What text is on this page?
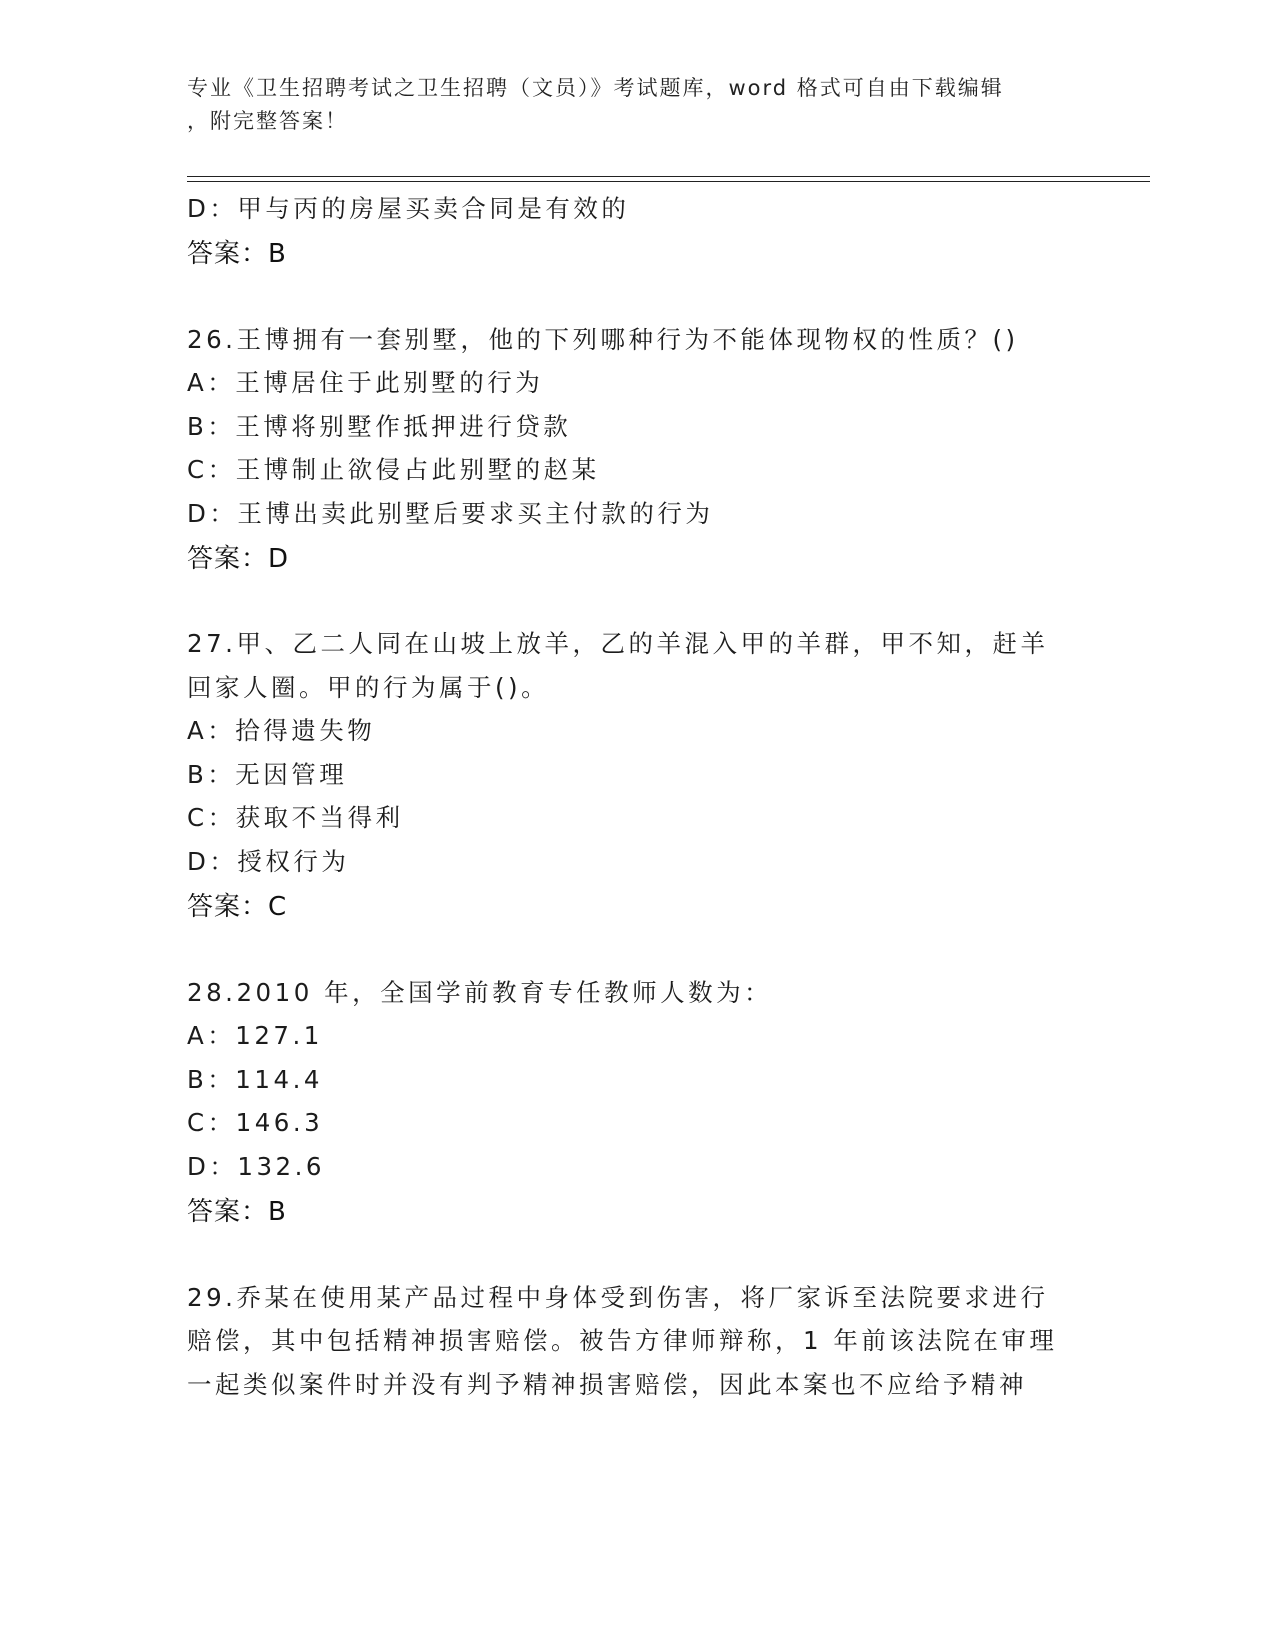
专业《卫生招聘考试之卫生招聘（文员）》考试题库，word 格式可自由下载编辑
，附完整答案！
D：甲与丙的房屋买卖合同是有效的
答案：B
26.王博拥有一套别墅，他的下列哪种行为不能体现物权的性质？()
A：王博居住于此别墅的行为
B：王博将别墅作抵押进行贷款
C：王博制止欲侵占此别墅的赵某
D：王博出卖此别墅后要求买主付款的行为
答案：D
27.甲、乙二人同在山坡上放羊，乙的羊混入甲的羊群，甲不知，赶羊
回家人圈。甲的行为属于()。
A：拾得遗失物
B：无因管理
C：获取不当得利
D：授权行为
答案：C
28.2010 年，全国学前教育专任教师人数为：
A：127.1
B：114.4
C：146.3
D：132.6
答案：B
29.乔某在使用某产品过程中身体受到伤害，将厂家诉至法院要求进行
赔偿，其中包括精神损害赔偿。被告方律师辩称，1 年前该法院在审理
一起类似案件时并没有判予精神损害赔偿，因此本案也不应给予精神
